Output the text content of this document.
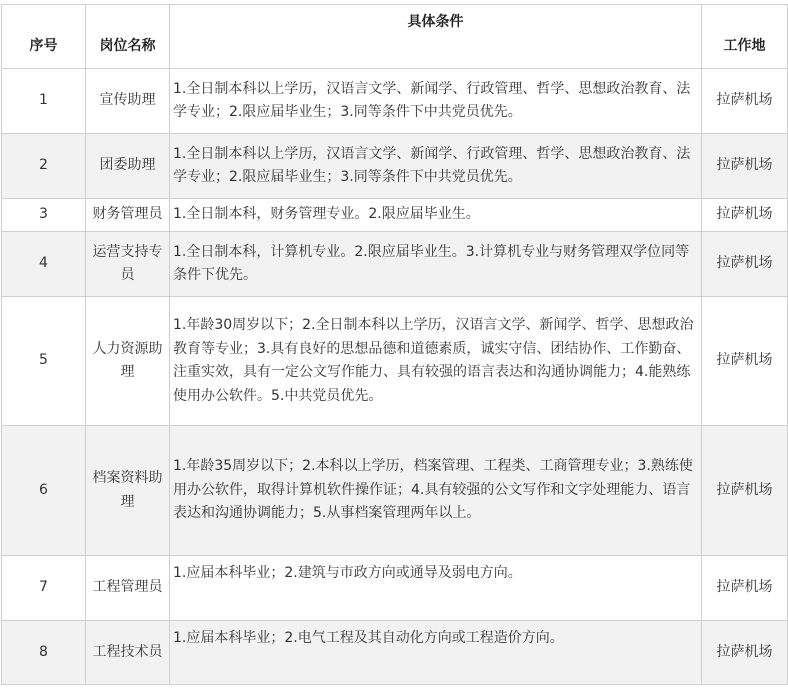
序号	岗位名称	具体条件	工作地
1	宣传助理	1.全日制本科以上学历，汉语言文学、新闻学、行政管理、哲学、思想政治教育、法学专业；2.限应届毕业生；3.同等条件下中共党员优先。	拉萨机场
2	团委助理	1.全日制本科以上学历，汉语言文学、新闻学、行政管理、哲学、思想政治教育、法学专业；2.限应届毕业生；3.同等条件下中共党员优先。	拉萨机场
3	财务管理员	1.全日制本科，财务管理专业。2.限应届毕业生。	拉萨机场
4	运营支持专员	1.全日制本科，计算机专业。2.限应届毕业生。3.计算机专业与财务管理双学位同等条件下优先。	拉萨机场
5	人力资源助理	1.年龄30周岁以下；2.全日制本科以上学历，汉语言文学、新闻学、哲学、思想政治教育等专业；3.具有良好的思想品德和道德素质，诚实守信、团结协作、工作勤奋、注重实效，具有一定公文写作能力、具有较强的语言表达和沟通协调能力；4.能熟练使用办公软件。5.中共党员优先。	拉萨机场
6	档案资料助理	1.年龄35周岁以下；2.本科以上学历，档案管理、工程类、工商管理专业；3.熟练使用办公软件，取得计算机软件操作证；4.具有较强的公文写作和文字处理能力、语言表达和沟通协调能力；5.从事档案管理两年以上。	拉萨机场
7	工程管理员	1.应届本科毕业；2.建筑与市政方向或通导及弱电方向。	拉萨机场
8	工程技术员	1.应届本科毕业；2.电气工程及其自动化方向或工程造价方向。	拉萨机场
